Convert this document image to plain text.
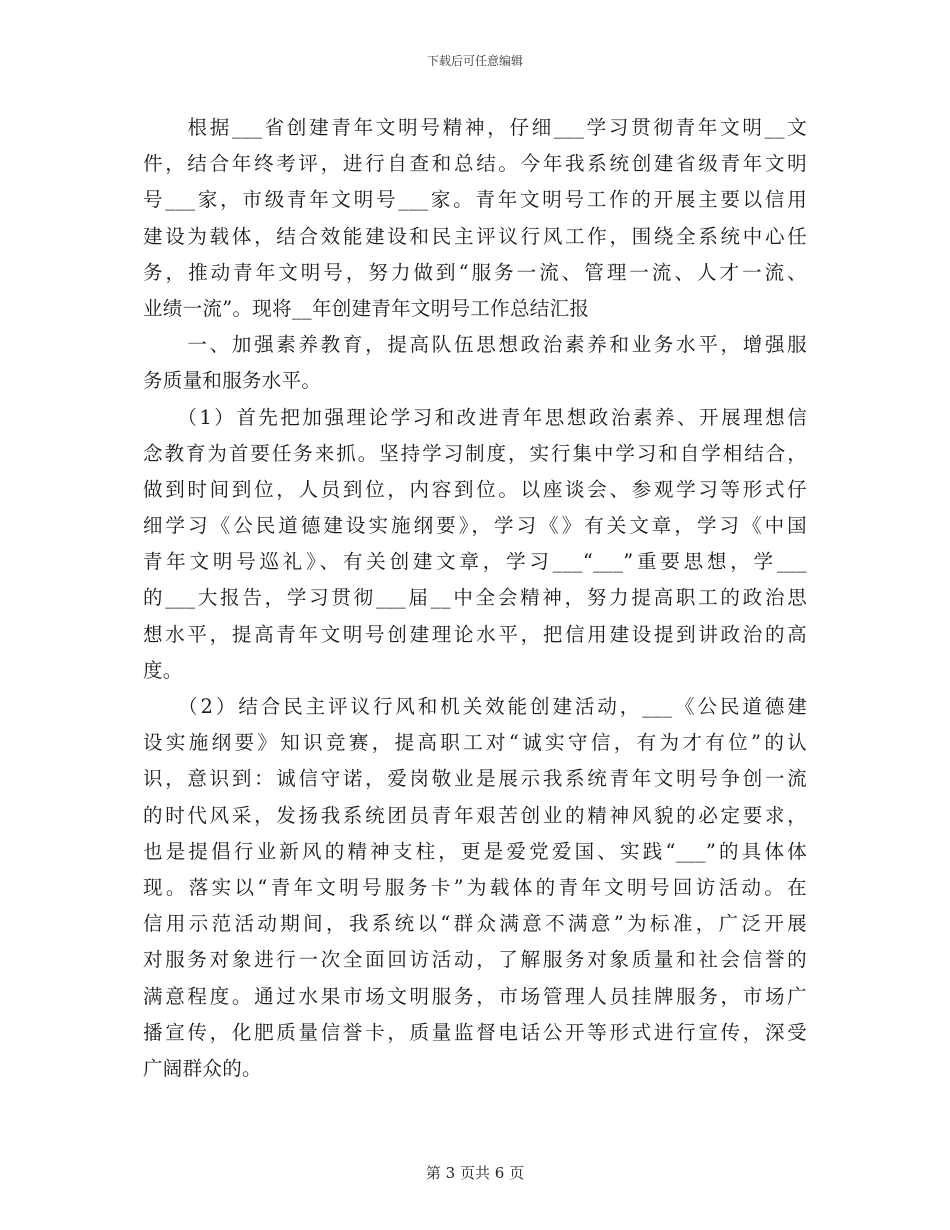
下载后可任意编辑
　　根据___省创建青年文明号精神，仔细___学习贯彻青年文明__文
件，结合年终考评，进行自查和总结。今年我系统创建省级青年文明
号___家，市级青年文明号___家。青年文明号工作的开展主要以信用
建设为载体，结合效能建设和民主评议行风工作，围绕全系统中心任
务，推动青年文明号，努力做到“服务一流、管理一流、人才一流、
业绩一流”。现将__年创建青年文明号工作总结汇报
　　一、加强素养教育，提高队伍思想政治素养和业务水平，增强服
务质量和服务水平。
　　（1）首先把加强理论学习和改进青年思想政治素养、开展理想信
念教育为首要任务来抓。坚持学习制度，实行集中学习和自学相结合，
做到时间到位，人员到位，内容到位。以座谈会、参观学习等形式仔
细学习《公民道德建设实施纲要》，学习《》有关文章，学习《中国
青年文明号巡礼》、有关创建文章，学习___“___”重要思想，学___
的___大报告，学习贯彻___届__中全会精神，努力提高职工的政治思
想水平，提高青年文明号创建理论水平，把信用建设提到讲政治的高
度。
　　（2）结合民主评议行风和机关效能创建活动，___《公民道德建
设实施纲要》知识竞赛，提高职工对“诚实守信，有为才有位”的认
识，意识到：诚信守诺，爱岗敬业是展示我系统青年文明号争创一流
的时代风采，发扬我系统团员青年艰苦创业的精神风貌的必定要求，
也是提倡行业新风的精神支柱，更是爱党爱国、实践“___”的具体体
现。落实以“青年文明号服务卡”为载体的青年文明号回访活动。在
信用示范活动期间，我系统以“群众满意不满意”为标准，广泛开展
对服务对象进行一次全面回访活动，了解服务对象质量和社会信誉的
满意程度。通过水果市场文明服务，市场管理人员挂牌服务，市场广
播宣传，化肥质量信誉卡，质量监督电话公开等形式进行宣传，深受
广阔群众的。
第 3 页共 6 页
